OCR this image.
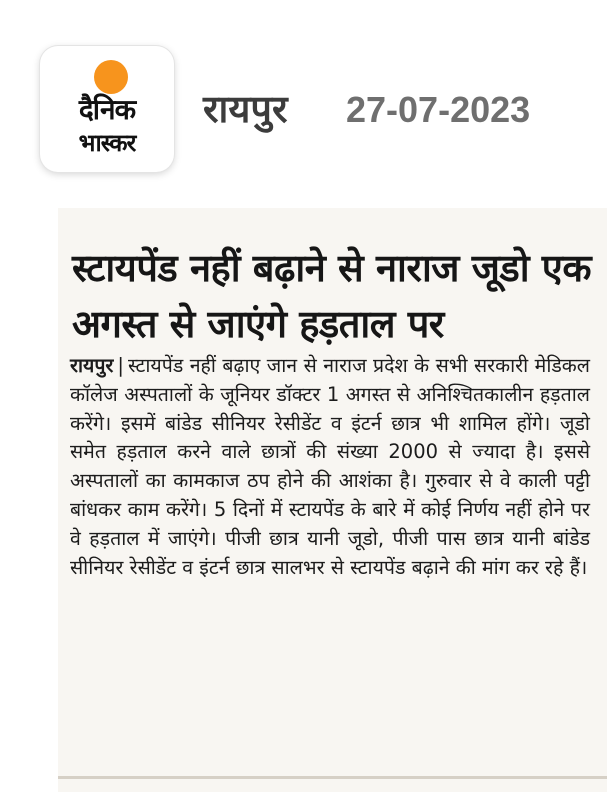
दैनिक
भास्कर
रायपुर 27-07-2023
स्टायपेंड नहीं बढ़ाने से नाराज जूडो एक अगस्त से जाएंगे हड़ताल पर

रायपुर | स्टायपेंड नहीं बढ़ाए जान से नाराज प्रदेश के सभी सरकारी मेडिकल कॉलेज अस्पतालों के जूनियर डॉक्टर 1 अगस्त से अनिश्चितकालीन हड़ताल करेंगे। इसमें बांडेड सीनियर रेसीडेंट व इंटर्न छात्र भी शामिल होंगे। जूडो समेत हड़ताल करने वाले छात्रों की संख्या 2000 से ज्यादा है। इससे अस्पतालों का कामकाज ठप होने की आशंका है। गुरुवार से वे काली पट्टी बांधकर काम करेंगे। 5 दिनों में स्टायपेंड के बारे में कोई निर्णय नहीं होने पर वे हड़ताल में जाएंगे। पीजी छात्र यानी जूडो, पीजी पास छात्र यानी बांडेड सीनियर रेसीडेंट व इंटर्न छात्र सालभर से स्टायपेंड बढ़ाने की मांग कर रहे हैं।
